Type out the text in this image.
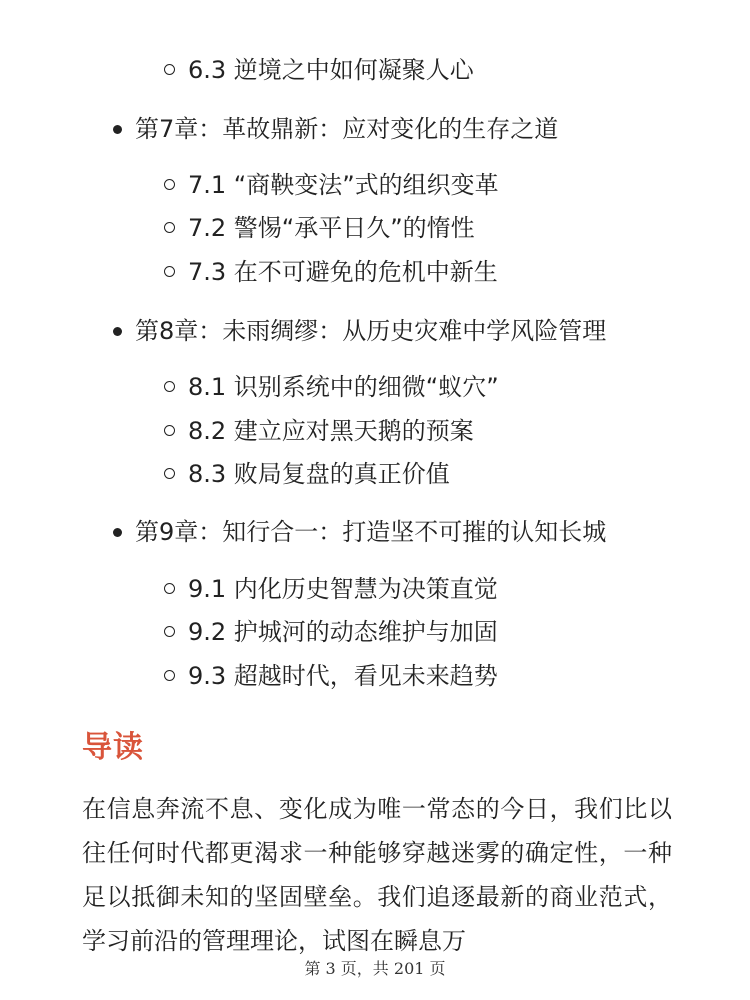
6.3 逆境之中如何凝聚人心
第7章：革故鼎新：应对变化的生存之道
7.1 “商鞅变法”式的组织变革
7.2 警惕“承平日久”的惰性
7.3 在不可避免的危机中新生
第8章：未雨绸缪：从历史灾难中学风险管理
8.1 识别系统中的细微“蚁穴”
8.2 建立应对黑天鹅的预案
8.3 败局复盘的真正价值
第9章：知行合一：打造坚不可摧的认知长城
9.1 内化历史智慧为决策直觉
9.2 护城河的动态维护与加固
9.3 超越时代，看见未来趋势
导读

在信息奔流不息、变化成为唯一常态的今日，我们比以往任何时代都更渴求一种能够穿越迷雾的确定性，一种足以抵御未知的坚固壁垒。我们追逐最新的商业范式，学习前沿的管理理论，试图在瞬息万

第 3 页，共 201 页
